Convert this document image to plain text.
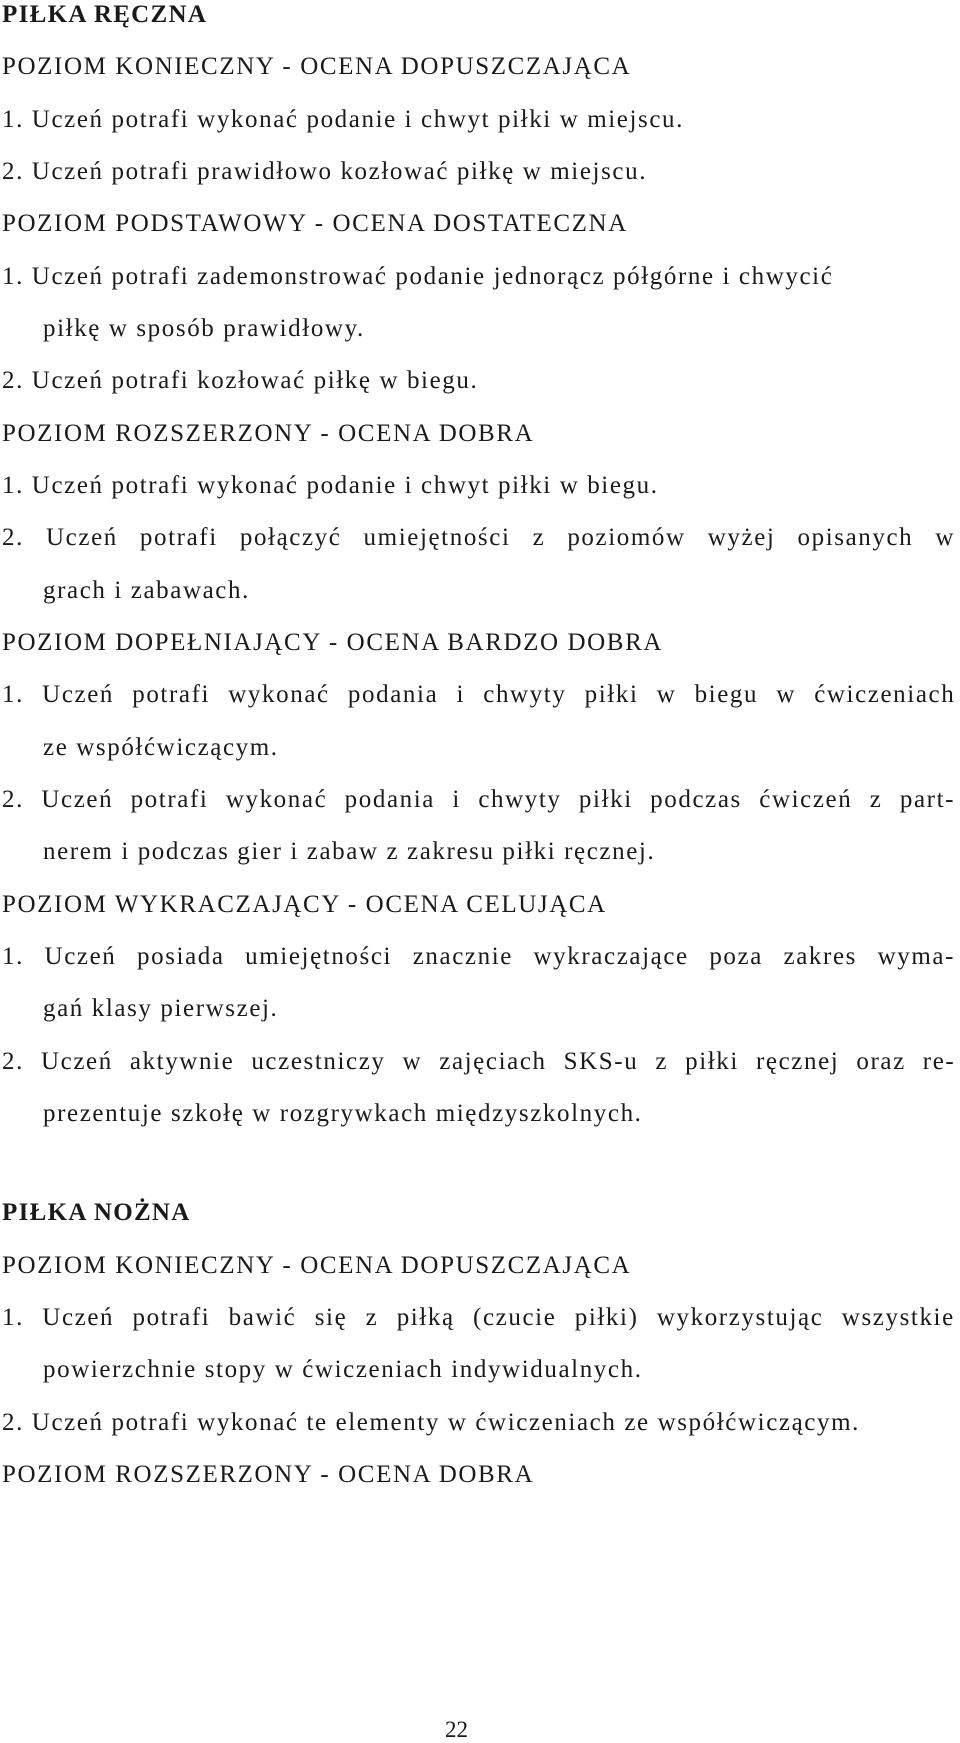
PIŁKA RĘCZNA
POZIOM KONIECZNY - OCENA DOPUSZCZAJĄCA
1. Uczeń potrafi wykonać podanie i chwyt piłki w miejscu.
2. Uczeń potrafi prawidłowo kozłować piłkę w miejscu.
POZIOM PODSTAWOWY - OCENA DOSTATECZNA
1. Uczeń potrafi zademonstrować podanie jednorącz półgórne i chwycić
piłkę w sposób prawidłowy.
2. Uczeń potrafi kozłować piłkę w biegu.
POZIOM ROZSZERZONY - OCENA DOBRA
1. Uczeń potrafi wykonać podanie i chwyt piłki w biegu.
2. Uczeń potrafi połączyć umiejętności z poziomów wyżej opisanych w
grach i zabawach.
POZIOM DOPEŁNIAJĄCY - OCENA BARDZO DOBRA
1. Uczeń potrafi wykonać podania i chwyty piłki w biegu w ćwiczeniach
ze współćwiczącym.
2. Uczeń potrafi wykonać podania i chwyty piłki podczas ćwiczeń z part-
nerem i podczas gier i zabaw z zakresu piłki ręcznej.
POZIOM WYKRACZAJĄCY - OCENA CELUJĄCA
1. Uczeń posiada umiejętności znacznie wykraczające poza zakres wyma-
gań klasy pierwszej.
2. Uczeń aktywnie uczestniczy w zajęciach SKS-u z piłki ręcznej oraz re-
prezentuje szkołę w rozgrywkach międzyszkolnych.
PIŁKA NOŻNA
POZIOM KONIECZNY - OCENA DOPUSZCZAJĄCA
1. Uczeń potrafi bawić się z piłką (czucie piłki) wykorzystując wszystkie
powierzchnie stopy w ćwiczeniach indywidualnych.
2. Uczeń potrafi wykonać te elementy w ćwiczeniach ze współćwiczącym.
POZIOM ROZSZERZONY - OCENA DOBRA
22
